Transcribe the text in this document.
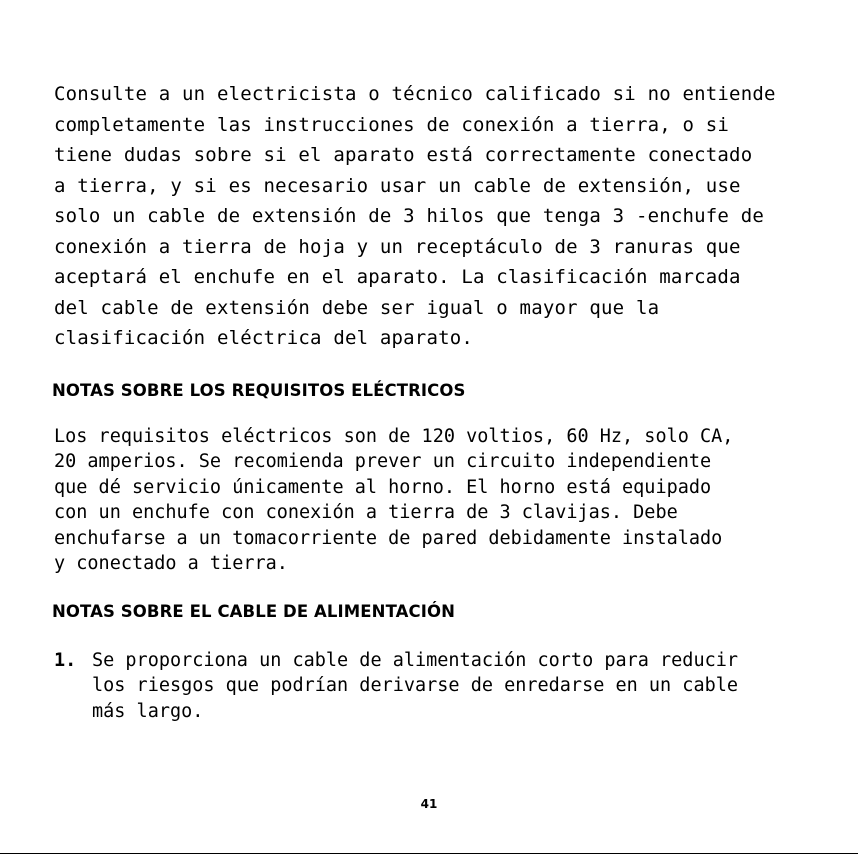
Consulte a un electricista o técnico calificado si no entiende
completamente las instrucciones de conexión a tierra, o si
tiene dudas sobre si el aparato está correctamente conectado
a tierra, y si es necesario usar un cable de extensión, use
solo un cable de extensión de 3 hilos que tenga 3 -enchufe de
conexión a tierra de hoja y un receptáculo de 3 ranuras que
aceptará el enchufe en el aparato. La clasificación marcada
del cable de extensión debe ser igual o mayor que la
clasificación eléctrica del aparato.

NOTAS SOBRE LOS REQUISITOS ELÉCTRICOS

Los requisitos eléctricos son de 120 voltios, 60 Hz, solo CA,
20 amperios. Se recomienda prever un circuito independiente
que dé servicio únicamente al horno. El horno está equipado
con un enchufe con conexión a tierra de 3 clavijas. Debe
enchufarse a un tomacorriente de pared debidamente instalado
y conectado a tierra.

NOTAS SOBRE EL CABLE DE ALIMENTACIÓN
1. Se proporciona un cable de alimentación corto para reducir
los riesgos que podrían derivarse de enredarse en un cable
más largo.
41
